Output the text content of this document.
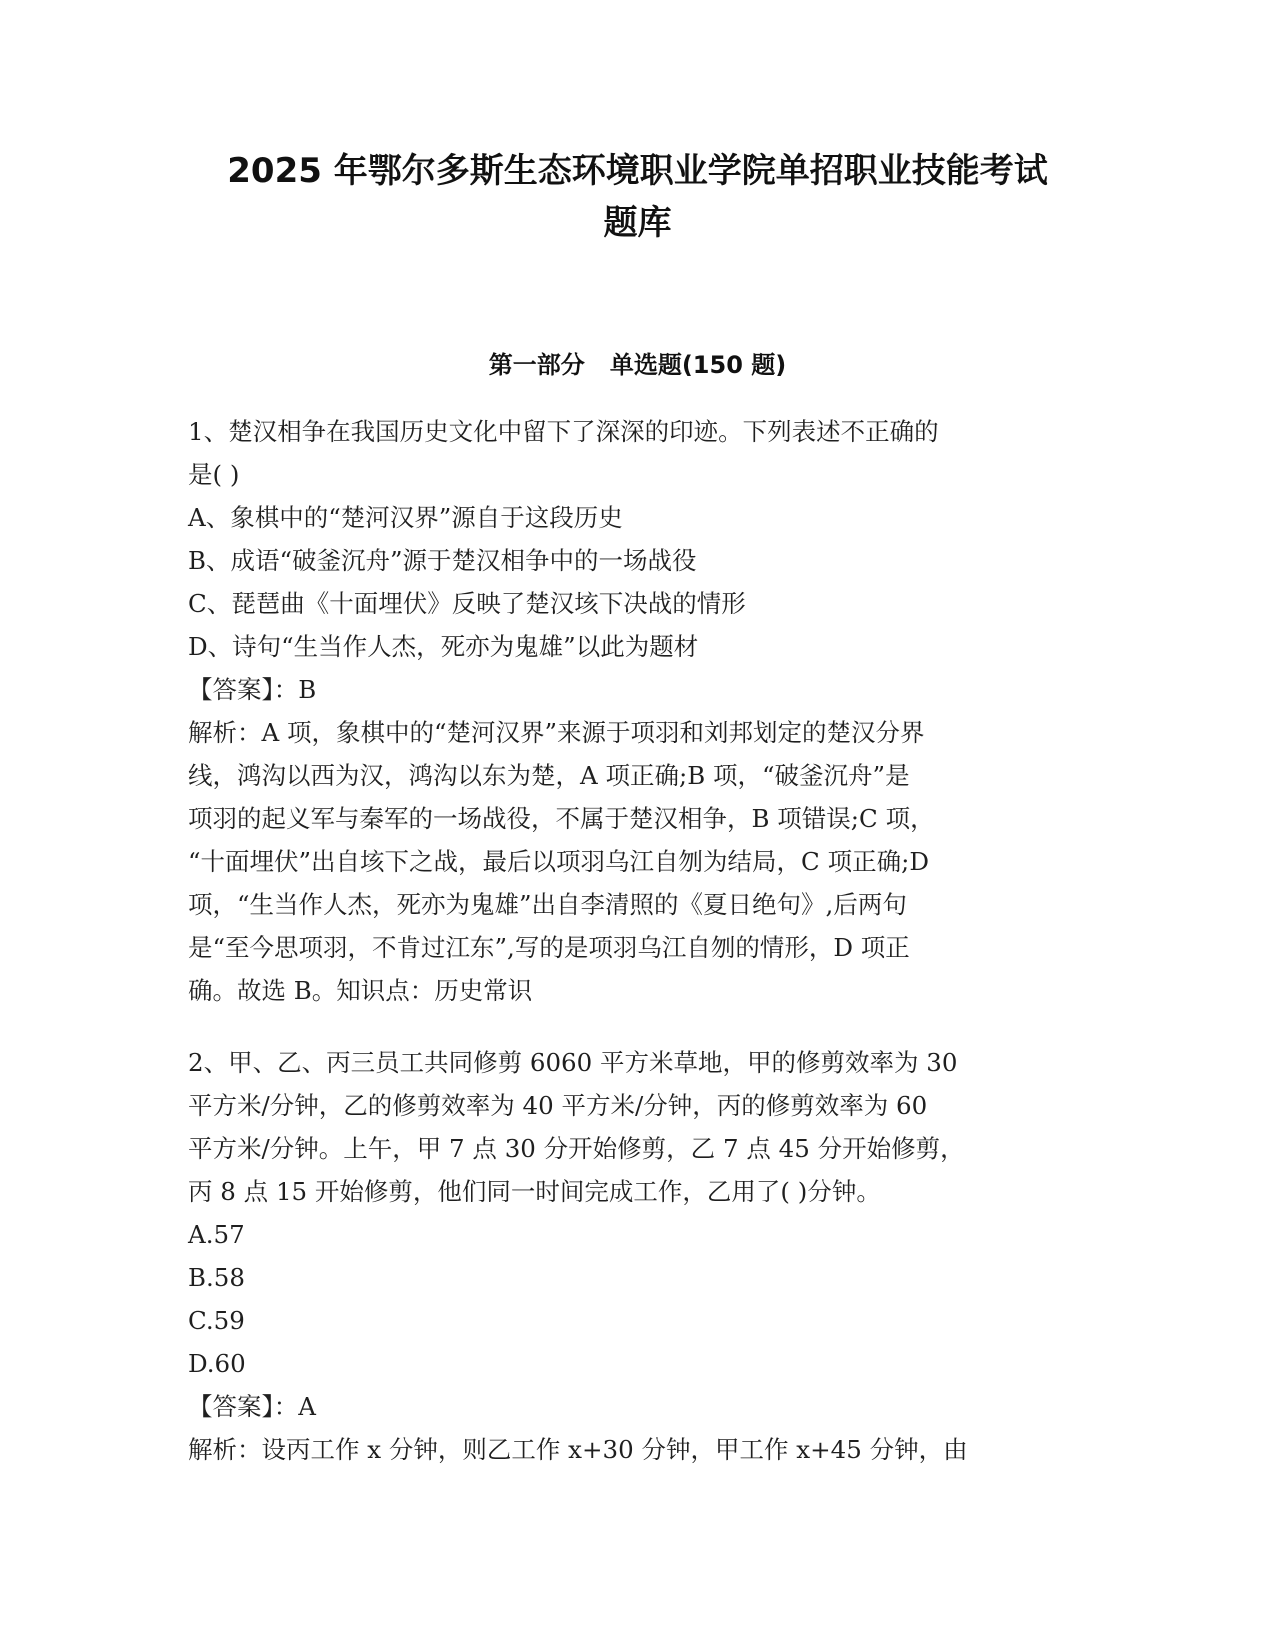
2025 年鄂尔多斯生态环境职业学院单招职业技能考试
题库
第一部分   单选题(150 题)
1、楚汉相争在我国历史文化中留下了深深的印迹。下列表述不正确的
是( )
A、象棋中的“楚河汉界”源自于这段历史
B、成语“破釜沉舟”源于楚汉相争中的一场战役
C、琵琶曲《十面埋伏》反映了楚汉垓下决战的情形
D、诗句“生当作人杰，死亦为鬼雄”以此为题材
【答案】：B
解析：A 项，象棋中的“楚河汉界”来源于项羽和刘邦划定的楚汉分界
线，鸿沟以西为汉，鸿沟以东为楚，A 项正确;B 项，“破釜沉舟”是
项羽的起义军与秦军的一场战役，不属于楚汉相争，B 项错误;C 项，
“十面埋伏”出自垓下之战，最后以项羽乌江自刎为结局，C 项正确;D
项，“生当作人杰，死亦为鬼雄”出自李清照的《夏日绝句》,后两句
是“至今思项羽，不肯过江东”,写的是项羽乌江自刎的情形，D 项正
确。故选 B。知识点：历史常识
2、甲、乙、丙三员工共同修剪 6060 平方米草地，甲的修剪效率为 30
平方米/分钟，乙的修剪效率为 40 平方米/分钟，丙的修剪效率为 60
平方米/分钟。上午，甲 7 点 30 分开始修剪，乙 7 点 45 分开始修剪，
丙 8 点 15 开始修剪，他们同一时间完成工作，乙用了( )分钟。
A.57
B.58
C.59
D.60
【答案】：A
解析：设丙工作 x 分钟，则乙工作 x+30 分钟，甲工作 x+45 分钟，由
